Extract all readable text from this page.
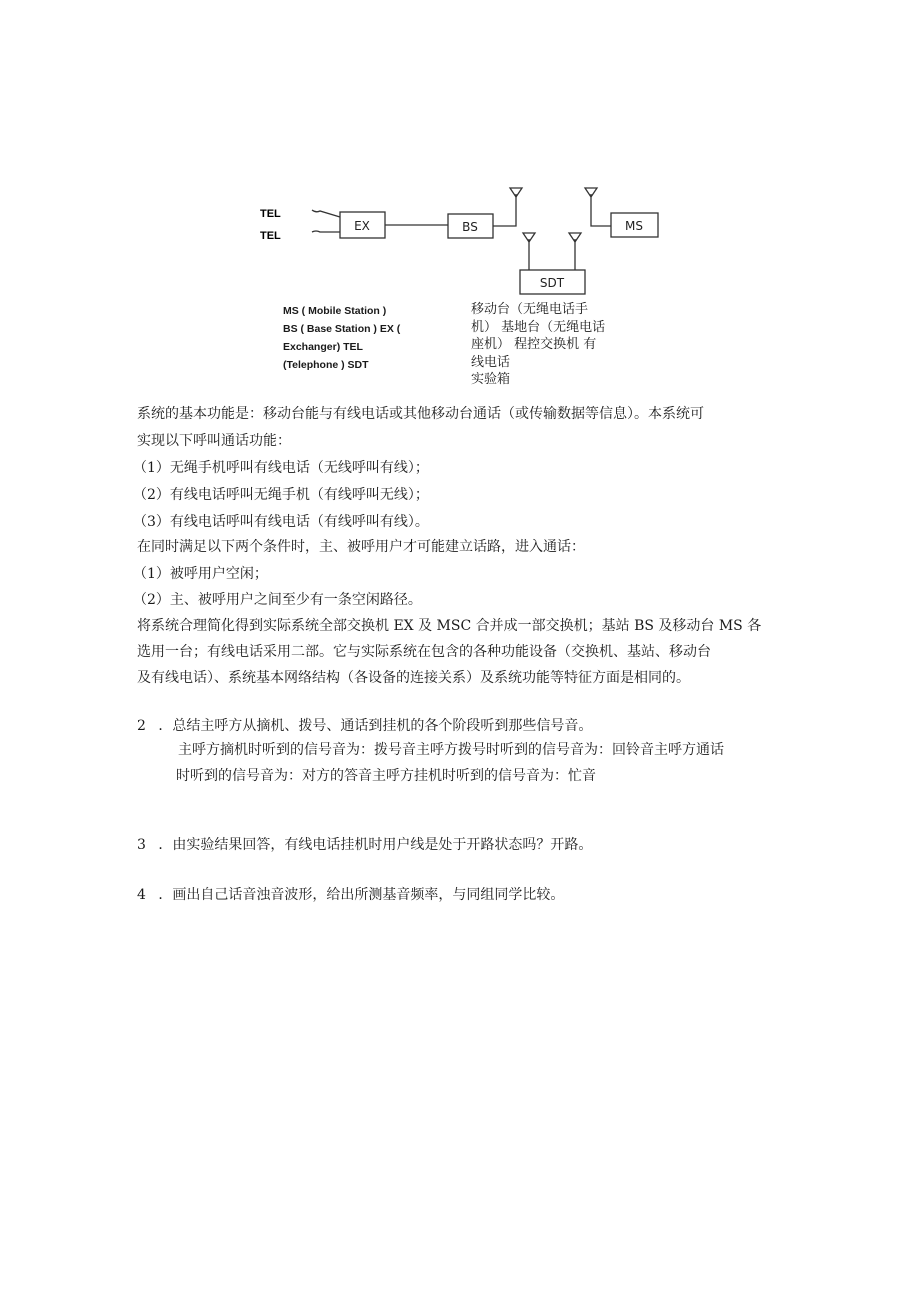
TEL
TEL
EX	BS	MS
SDT
MS ( Mobile Station )
BS ( Base Station ) EX (
Exchanger) TEL
(Telephone ) SDT
移动台（无绳电话手
机） 基地台（无绳电话
座机） 程控交换机 有
线电话
实验箱
系统的基本功能是：移动台能与有线电话或其他移动台通话（或传输数据等信息）。本系统可
实现以下呼叫通话功能：
（1）无绳手机呼叫有线电话（无线呼叫有线）；
（2）有线电话呼叫无绳手机（有线呼叫无线）；
（3）有线电话呼叫有线电话（有线呼叫有线）。
在同时满足以下两个条件时，主、被呼用户才可能建立话路，进入通话：
（1）被呼用户空闲；
（2）主、被呼用户之间至少有一条空闲路径。
将系统合理简化得到实际系统全部交换机 EX 及 MSC 合并成一部交换机；基站 BS 及移动台 MS 各
选用一台；有线电话采用二部。它与实际系统在包含的各种功能设备（交换机、基站、移动台
及有线电话）、系统基本网络结构（各设备的连接关系）及系统功能等特征方面是相同的。
2 ．总结主呼方从摘机、拨号、通话到挂机的各个阶段听到那些信号音。
主呼方摘机时听到的信号音为：拨号音主呼方拨号时听到的信号音为：回铃音主呼方通话
时听到的信号音为：对方的答音主呼方挂机时听到的信号音为：忙音
3 ．由实验结果回答，有线电话挂机时用户线是处于开路状态吗？开路。
4 ．画出自己话音浊音波形，给出所测基音频率，与同组同学比较。
